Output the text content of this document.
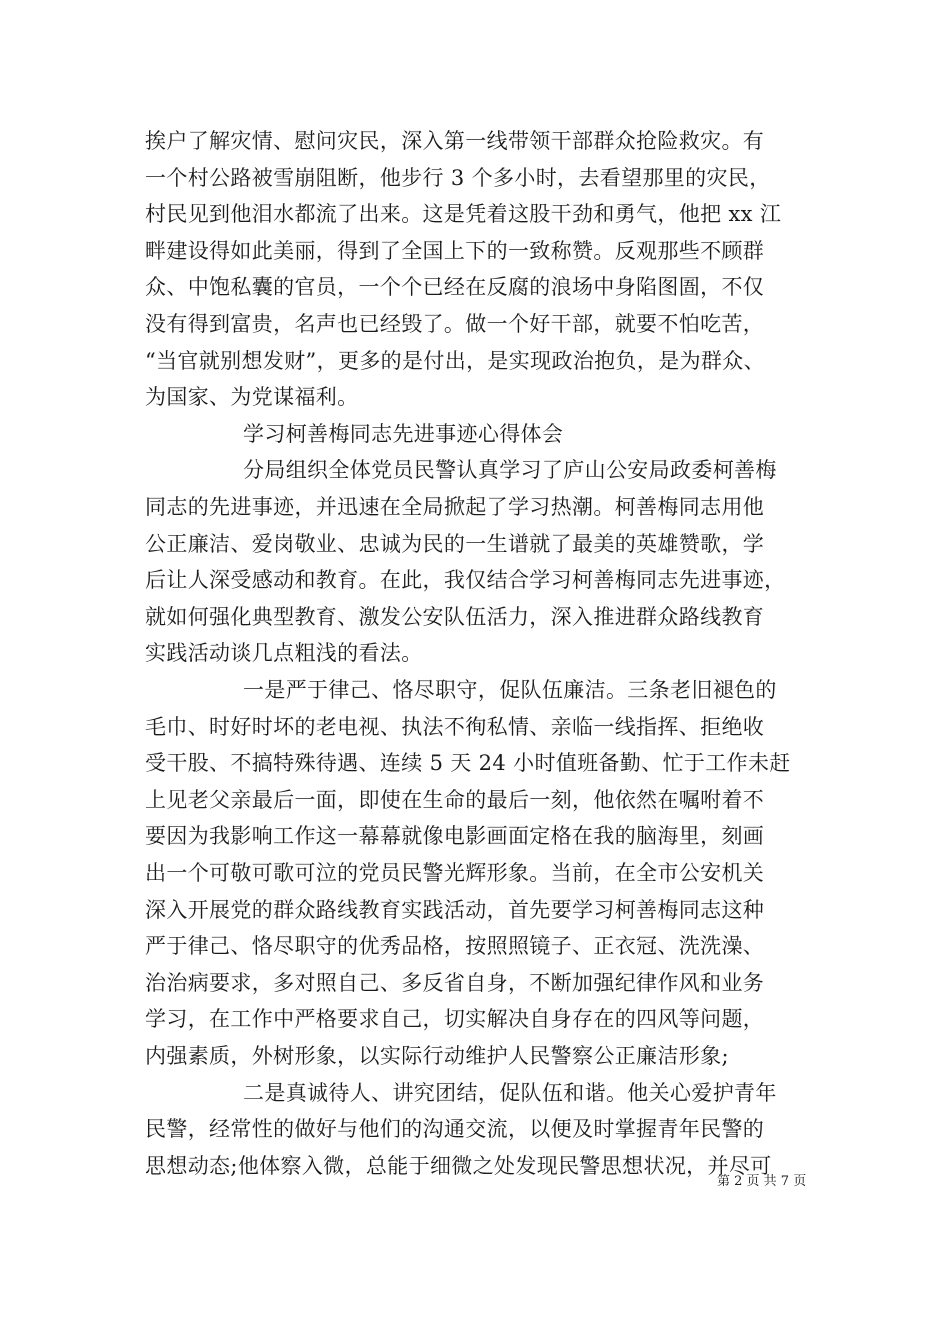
挨户了解灾情、慰问灾民，深入第一线带领干部群众抢险救灾。有
一个村公路被雪崩阻断，他步行 3 个多小时，去看望那里的灾民，
村民见到他泪水都流了出来。这是凭着这股干劲和勇气，他把 xx 江
畔建设得如此美丽，得到了全国上下的一致称赞。反观那些不顾群
众、中饱私囊的官员，一个个已经在反腐的浪场中身陷图圄，不仅
没有得到富贵，名声也已经毁了。做一个好干部，就要不怕吃苦，
“当官就别想发财”，更多的是付出，是实现政治抱负，是为群众、
为国家、为党谋福利。
学习柯善梅同志先进事迹心得体会
分局组织全体党员民警认真学习了庐山公安局政委柯善梅
同志的先进事迹，并迅速在全局掀起了学习热潮。柯善梅同志用他
公正廉洁、爱岗敬业、忠诚为民的一生谱就了最美的英雄赞歌，学
后让人深受感动和教育。在此，我仅结合学习柯善梅同志先进事迹，
就如何强化典型教育、激发公安队伍活力，深入推进群众路线教育
实践活动谈几点粗浅的看法。
一是严于律己、恪尽职守，促队伍廉洁。三条老旧褪色的
毛巾、时好时坏的老电视、执法不徇私情、亲临一线指挥、拒绝收
受干股、不搞特殊待遇、连续 5 天 24 小时值班备勤、忙于工作未赶
上见老父亲最后一面，即使在生命的最后一刻，他依然在嘱咐着不
要因为我影响工作这一幕幕就像电影画面定格在我的脑海里，刻画
出一个可敬可歌可泣的党员民警光辉形象。当前，在全市公安机关
深入开展党的群众路线教育实践活动，首先要学习柯善梅同志这种
严于律己、恪尽职守的优秀品格，按照照镜子、正衣冠、洗洗澡、
治治病要求，多对照自己、多反省自身，不断加强纪律作风和业务
学习，在工作中严格要求自己，切实解决自身存在的四风等问题，
内强素质，外树形象，以实际行动维护人民警察公正廉洁形象;
二是真诚待人、讲究团结，促队伍和谐。他关心爱护青年
民警，经常性的做好与他们的沟通交流，以便及时掌握青年民警的
思想动态;他体察入微，总能于细微之处发现民警思想状况，并尽可
第 2 页 共 7 页
